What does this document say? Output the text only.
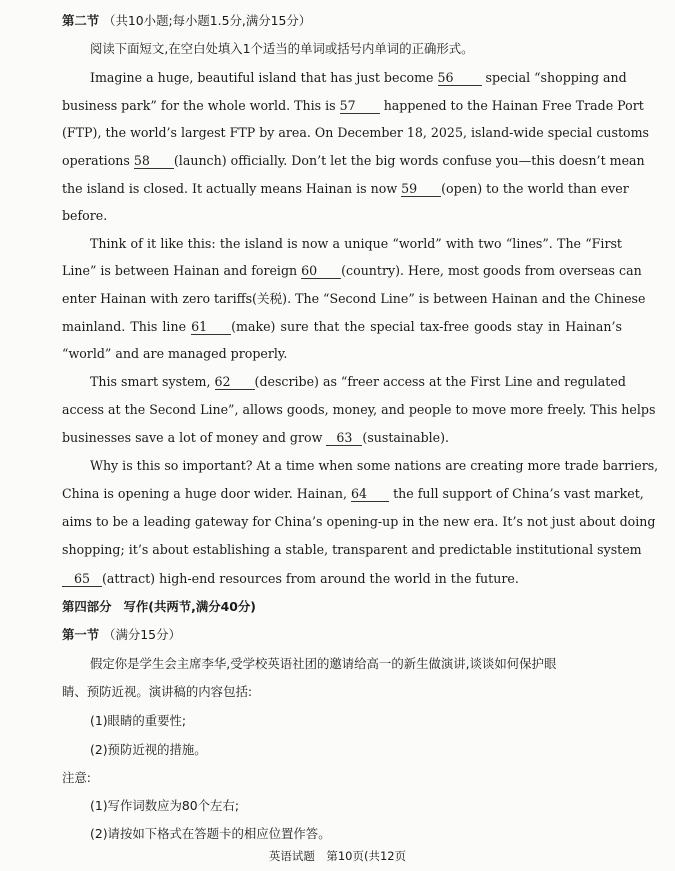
第二节 （共10小题;每小题1.5分,满分15分）
阅读下面短文,在空白处填入1个适当的单词或括号内单词的正确形式。
Imagine a huge, beautiful island that has just become 56	special “shopping and
business park” for the whole world. This is 57 happened to the Hainan Free Trade Port
(FTP), the world’s largest FTP by area. On December 18, 2025, island-wide special customs
operations 58 (launch) officially. Don’t let the big words confuse you—this doesn’t mean
the island is closed. It actually means Hainan is now 59 (open) to the world than ever
before.
Think of it like this: the island is now a unique “world” with two “lines”. The “First
Line” is between Hainan and foreign 60 (country). Here, most goods from overseas can
enter Hainan with zero tariffs(关税). The “Second Line” is between Hainan and the Chinese
mainland. This line 61 (make) sure that the special tax-free goods stay in Hainan’s
“world” and are managed properly.
This smart system, 62 (describe) as “freer access at the First Line and regulated
access at the Second Line”, allows goods, money, and people to move more freely. This helps
businesses save a lot of money and grow 63 (sustainable).
Why is this so important? At a time when some nations are creating more trade barriers,
China is opening a huge door wider. Hainan, 64 the full support of China’s vast market,
aims to be a leading gateway for China’s opening-up in the new era. It’s not just about doing
shopping; it’s about establishing a stable, transparent and predictable institutional system
65 (attract) high-end resources from around the world in the future.
第四部分 写作(共两节,满分40分)
第一节 （满分15分）
假定你是学生会主席李华,受学校英语社团的邀请给高一的新生做演讲,谈谈如何保护眼
睛、预防近视。演讲稿的内容包括:
(1)眼睛的重要性;
(2)预防近视的措施。
注意:
(1)写作词数应为80个左右;
(2)请按如下格式在答题卡的相应位置作答。
英语试题　第10页(共12页
